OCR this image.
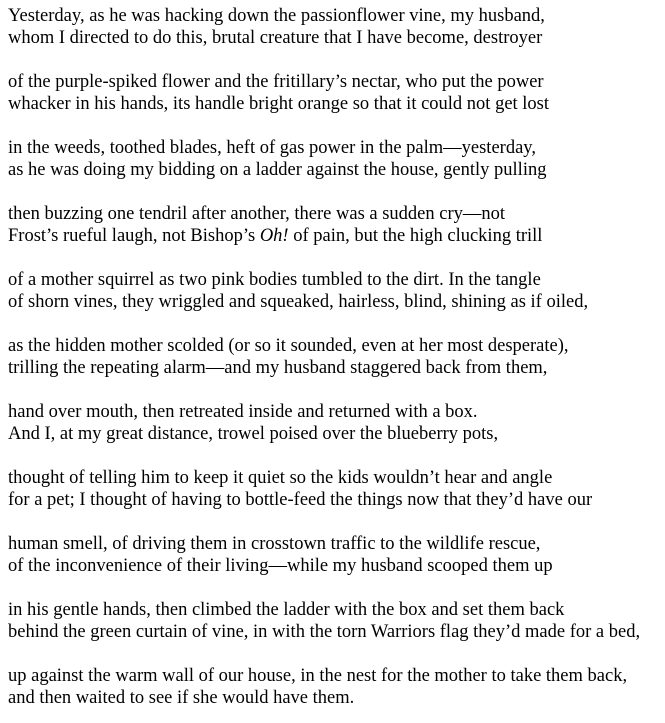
Yesterday, as he was hacking down the passionflower vine, my husband,
whom I directed to do this, brutal creature that I have become, destroyer
of the purple-spiked flower and the fritillary’s nectar, who put the power
whacker in his hands, its handle bright orange so that it could not get lost
in the weeds, toothed blades, heft of gas power in the palm—yesterday,
as he was doing my bidding on a ladder against the house, gently pulling
then buzzing one tendril after another, there was a sudden cry—not
Frost’s rueful laugh, not Bishop’s Oh! of pain, but the high clucking trill
of a mother squirrel as two pink bodies tumbled to the dirt. In the tangle
of shorn vines, they wriggled and squeaked, hairless, blind, shining as if oiled,
as the hidden mother scolded (or so it sounded, even at her most desperate),
trilling the repeating alarm—and my husband staggered back from them,
hand over mouth, then retreated inside and returned with a box.
And I, at my great distance, trowel poised over the blueberry pots,
thought of telling him to keep it quiet so the kids wouldn’t hear and angle
for a pet; I thought of having to bottle-feed the things now that they’d have our
human smell, of driving them in crosstown traffic to the wildlife rescue,
of the inconvenience of their living—while my husband scooped them up
in his gentle hands, then climbed the ladder with the box and set them back
behind the green curtain of vine, in with the torn Warriors flag they’d made for a bed,
up against the warm wall of our house, in the nest for the mother to take them back,
and then waited to see if she would have them.
